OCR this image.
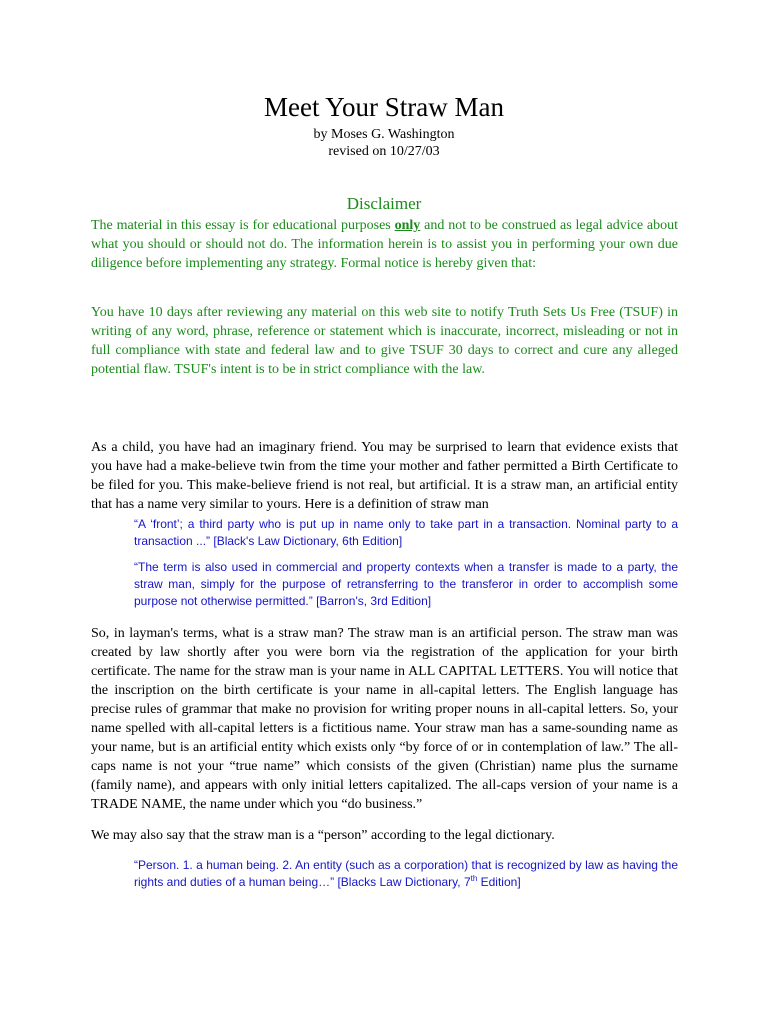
Meet Your Straw Man
by Moses G. Washington
revised on 10/27/03
Disclaimer

The material in this essay is for educational purposes only and not to be construed as legal advice about what you should or should not do. The information herein is to assist you in performing your own due diligence before implementing any strategy. Formal notice is hereby given that:

You have 10 days after reviewing any material on this web site to notify Truth Sets Us Free (TSUF) in writing of any word, phrase, reference or statement which is inaccurate, incorrect, misleading or not in full compliance with state and federal law and to give TSUF 30 days to correct and cure any alleged potential flaw. TSUF's intent is to be in strict compliance with the law.

As a child, you have had an imaginary friend. You may be surprised to learn that evidence exists that you have had a make-believe twin from the time your mother and father permitted a Birth Certificate to be filed for you. This make-believe friend is not real, but artificial. It is a straw man, an artificial entity that has a name very similar to yours. Here is a definition of straw man

“A ‘front’; a third party who is put up in name only to take part in a transaction. Nominal party to a transaction ...” [Black's Law Dictionary, 6th Edition]

“The term is also used in commercial and property contexts when a transfer is made to a party, the straw man, simply for the purpose of retransferring to the transferor in order to accomplish some purpose not otherwise permitted.” [Barron's, 3rd Edition]

So, in layman's terms, what is a straw man? The straw man is an artificial person. The straw man was created by law shortly after you were born via the registration of the application for your birth certificate. The name for the straw man is your name in ALL CAPITAL LETTERS. You will notice that the inscription on the birth certificate is your name in all-capital letters. The English language has precise rules of grammar that make no provision for writing proper nouns in all-capital letters. So, your name spelled with all-capital letters is a fictitious name. Your straw man has a same-sounding name as your name, but is an artificial entity which exists only “by force of or in contemplation of law.” The all-caps name is not your “true name” which consists of the given (Christian) name plus the surname (family name), and appears with only initial letters capitalized. The all-caps version of your name is a TRADE NAME, the name under which you “do business.”

We may also say that the straw man is a “person” according to the legal dictionary.

“Person. 1. a human being. 2. An entity (such as a corporation) that is recognized by law as having the rights and duties of a human being…” [Blacks Law Dictionary, 7th Edition]
